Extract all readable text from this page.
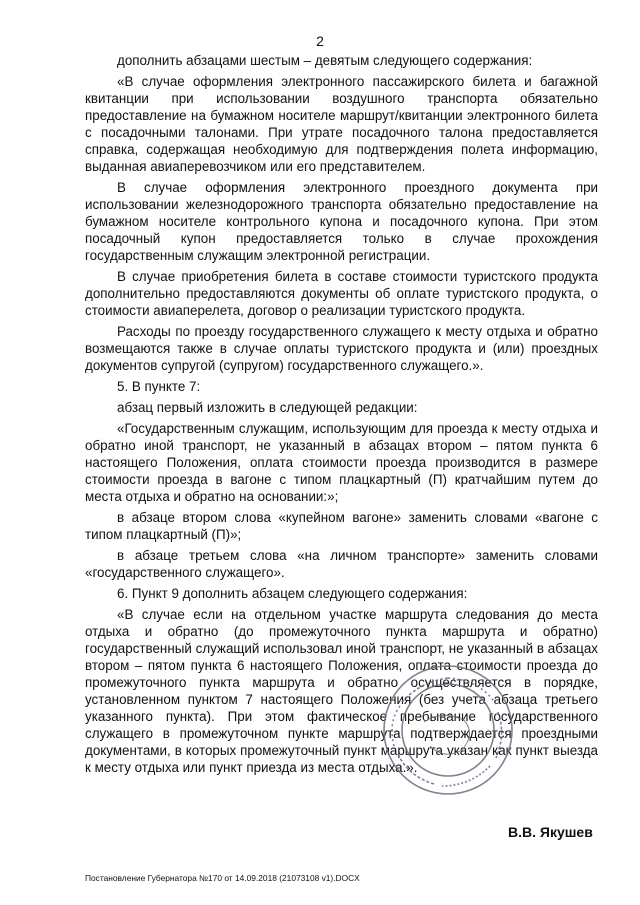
2

дополнить абзацами шестым – девятым следующего содержания:

«В случае оформления электронного пассажирского билета и багажной квитанции при использовании воздушного транспорта обязательно предоставление на бумажном носителе маршрут/квитанции электронного билета с посадочными талонами. При утрате посадочного талона предоставляется справка, содержащая необходимую для подтверждения полета информацию, выданная авиаперевозчиком или его представителем.

В случае оформления электронного проездного документа при использовании железнодорожного транспорта обязательно предоставление на бумажном носителе контрольного купона и посадочного купона. При этом посадочный купон предоставляется только в случае прохождения государственным служащим электронной регистрации.

В случае приобретения билета в составе стоимости туристского продукта дополнительно предоставляются документы об оплате туристского продукта, о стоимости авиаперелета, договор о реализации туристского продукта.

Расходы по проезду государственного служащего к месту отдыха и обратно возмещаются также в случае оплаты туристского продукта и (или) проездных документов супругой (супругом) государственного служащего.».

5. В пункте 7:

абзац первый изложить в следующей редакции:

«Государственным служащим, использующим для проезда к месту отдыха и обратно иной транспорт, не указанный в абзацах втором – пятом пункта 6 настоящего Положения, оплата стоимости проезда производится в размере стоимости проезда в вагоне с типом плацкартный (П) кратчайшим путем до места отдыха и обратно на основании:»;

в абзаце втором слова «купейном вагоне» заменить словами «вагоне с типом плацкартный (П)»;

в абзаце третьем слова «на личном транспорте» заменить словами «государственного служащего».

6. Пункт 9 дополнить абзацем следующего содержания:

«В случае если на отдельном участке маршрута следования до места отдыха и обратно (до промежуточного пункта маршрута и обратно) государственный служащий использовал иной транспорт, не указанный в абзацах втором – пятом пункта 6 настоящего Положения, оплата стоимости проезда до промежуточного пункта маршрута и обратно осуществляется в порядке, установленном пунктом 7 настоящего Положения (без учета абзаца третьего указанного пункта). При этом фактическое пребывание государственного служащего в промежуточном пункте маршрута подтверждается проездными документами, в которых промежуточный пункт маршрута указан как пункт выезда к месту отдыха или пункт приезда из места отдыха.».

В.В. Якушев
Постановление Губернатора №170 от 14.09.2018 (21073108 v1).DOCX
